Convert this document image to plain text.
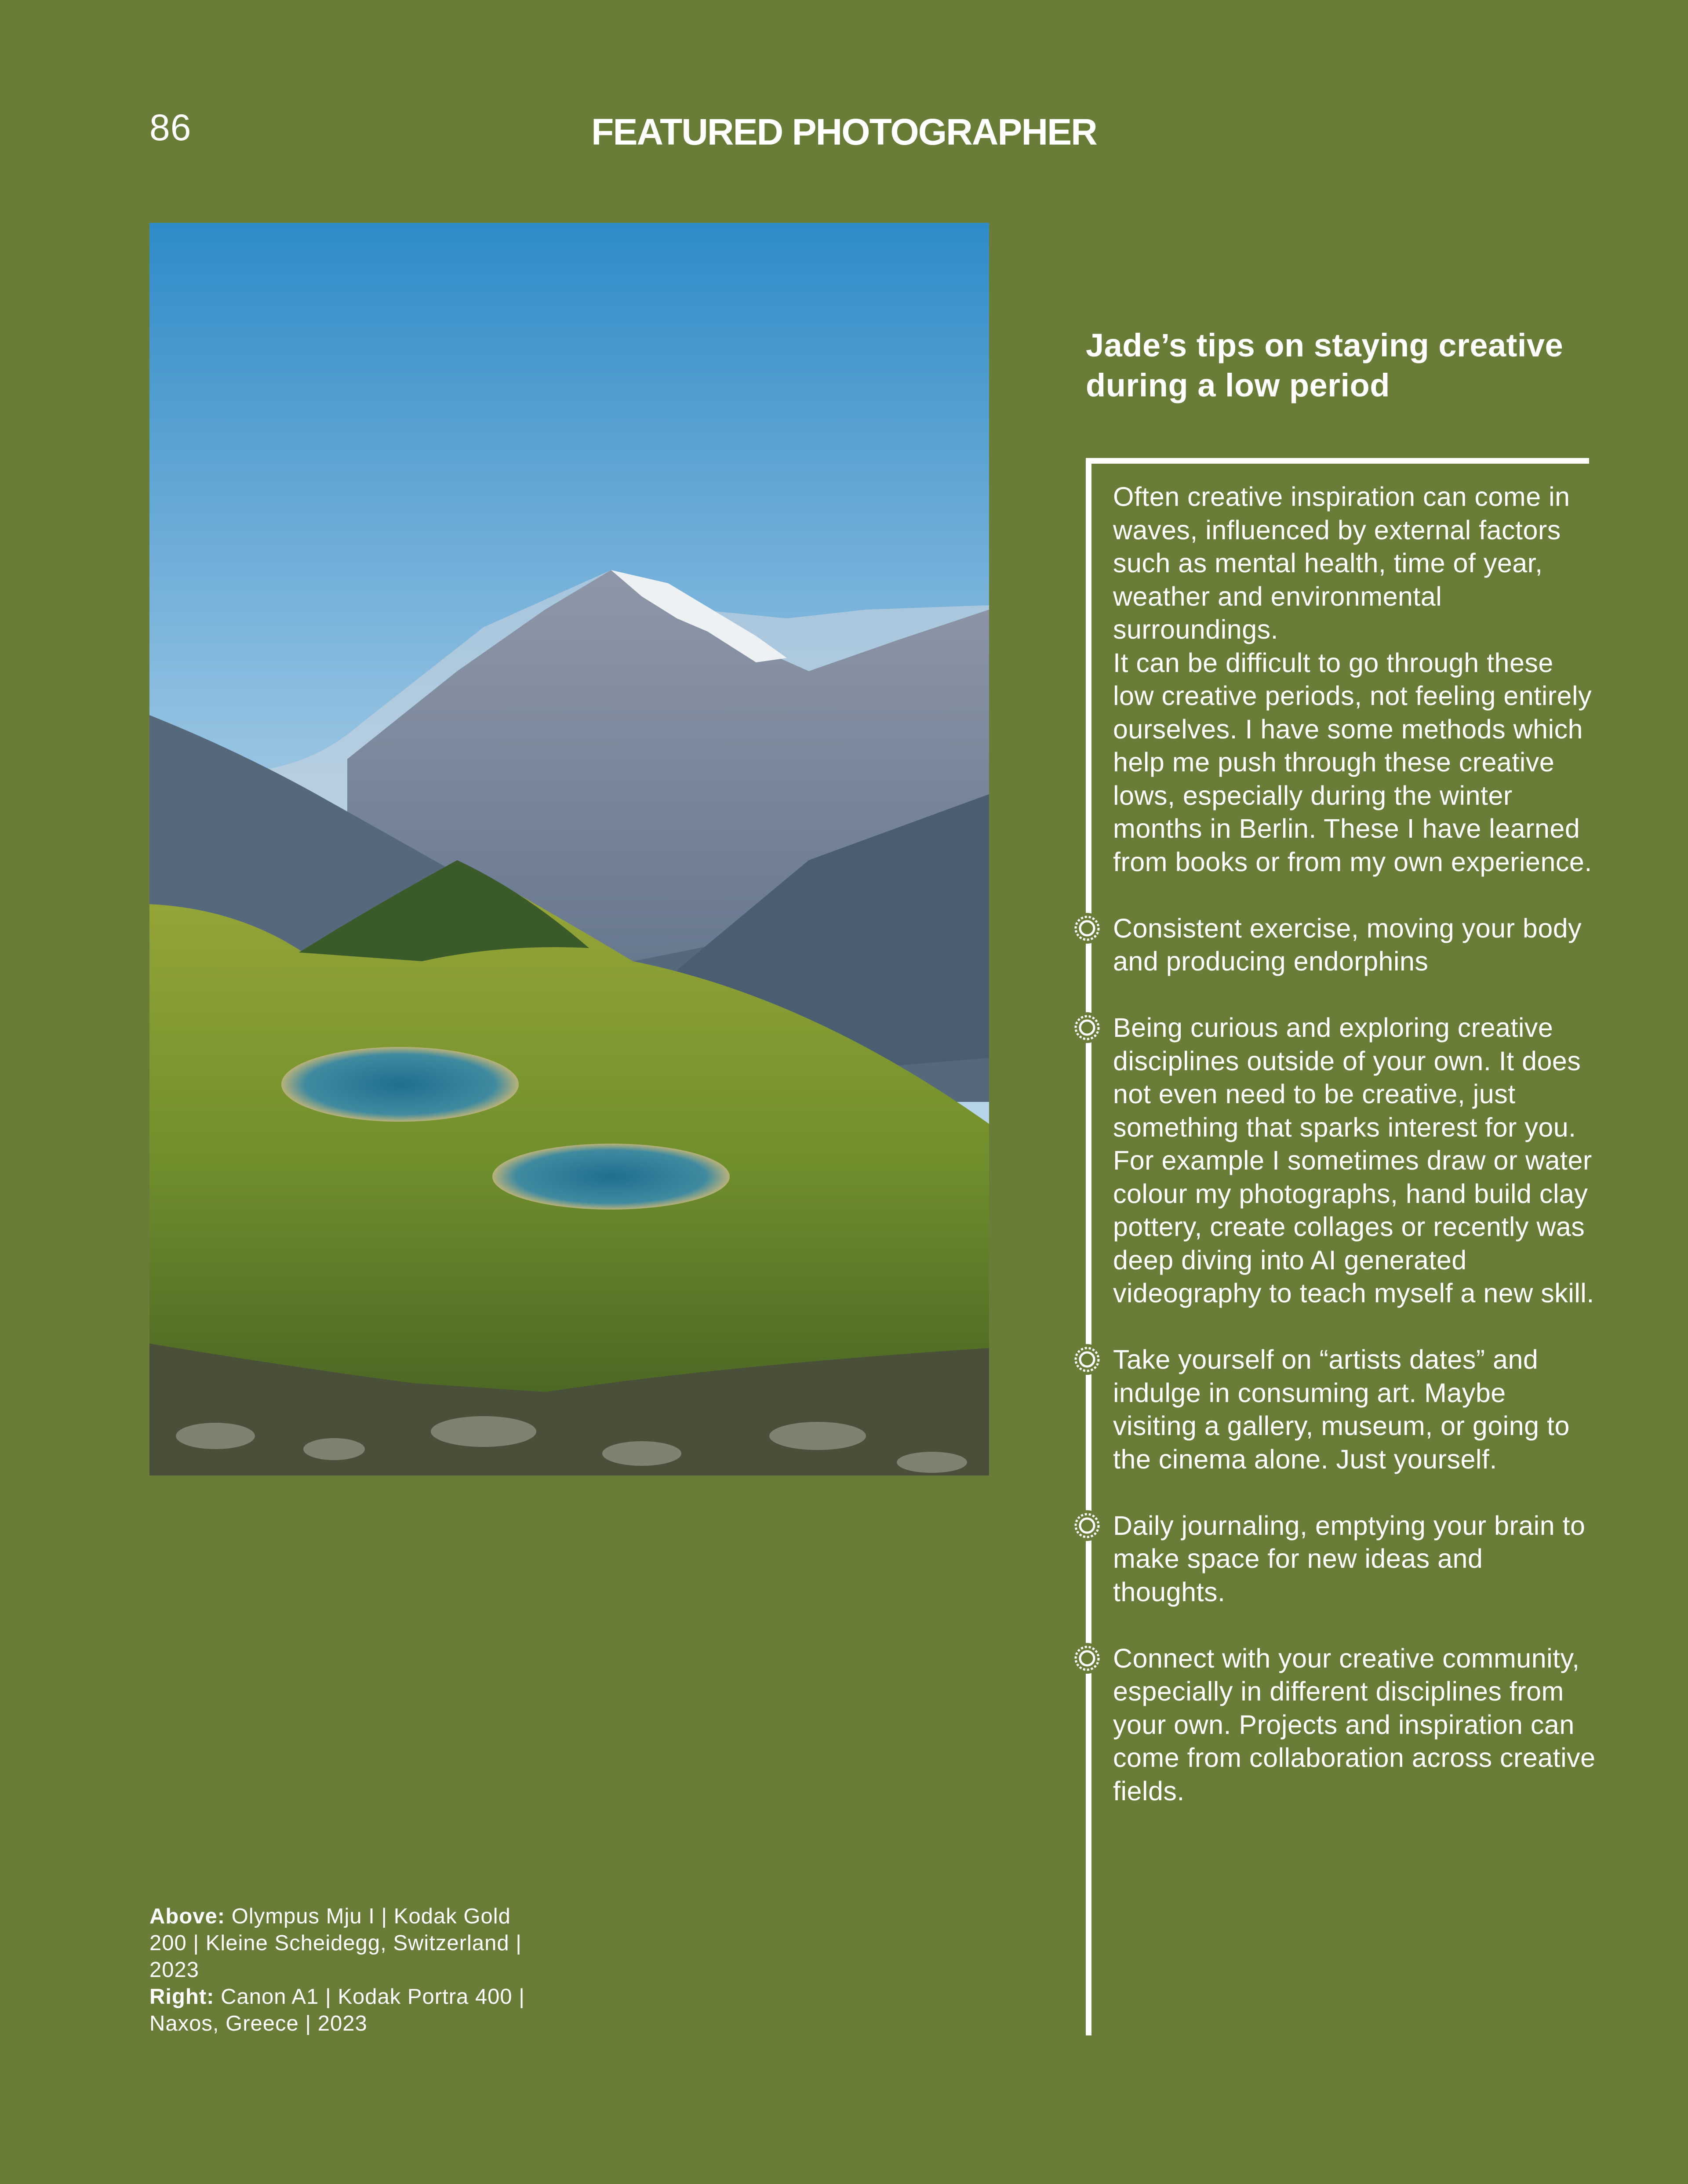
86	FEATURED PHOTOGRAPHER
Above: Olympus Mju I | Kodak Gold 200 | Kleine Scheidegg, Switzerland | 2023
Right: Canon A1 | Kodak Portra 400 | Naxos, Greece | 2023
Jade’s tips on staying creative during a low period

Often creative inspiration can come in waves, influenced by external factors such as mental health, time of year, weather and environmental surroundings.

It can be difficult to go through these low creative periods, not feeling entirely ourselves. I have some methods which help me push through these creative lows, especially during the winter months in Berlin. These I have learned from books or from my own experience.

Consistent exercise, moving your body and producing endorphins

Being curious and exploring creative disciplines outside of your own. It does not even need to be creative, just something that sparks interest for you. For example I sometimes draw or water colour my photographs, hand build clay pottery, create collages or recently was deep diving into AI generated videography to teach myself a new skill.

Take yourself on “artists dates” and indulge in consuming art. Maybe visiting a gallery, museum, or going to the cinema alone. Just yourself.

Daily journaling, emptying your brain to make space for new ideas and thoughts.

Connect with your creative community, especially in different disciplines from your own. Projects and inspiration can come from collaboration across creative fields.
